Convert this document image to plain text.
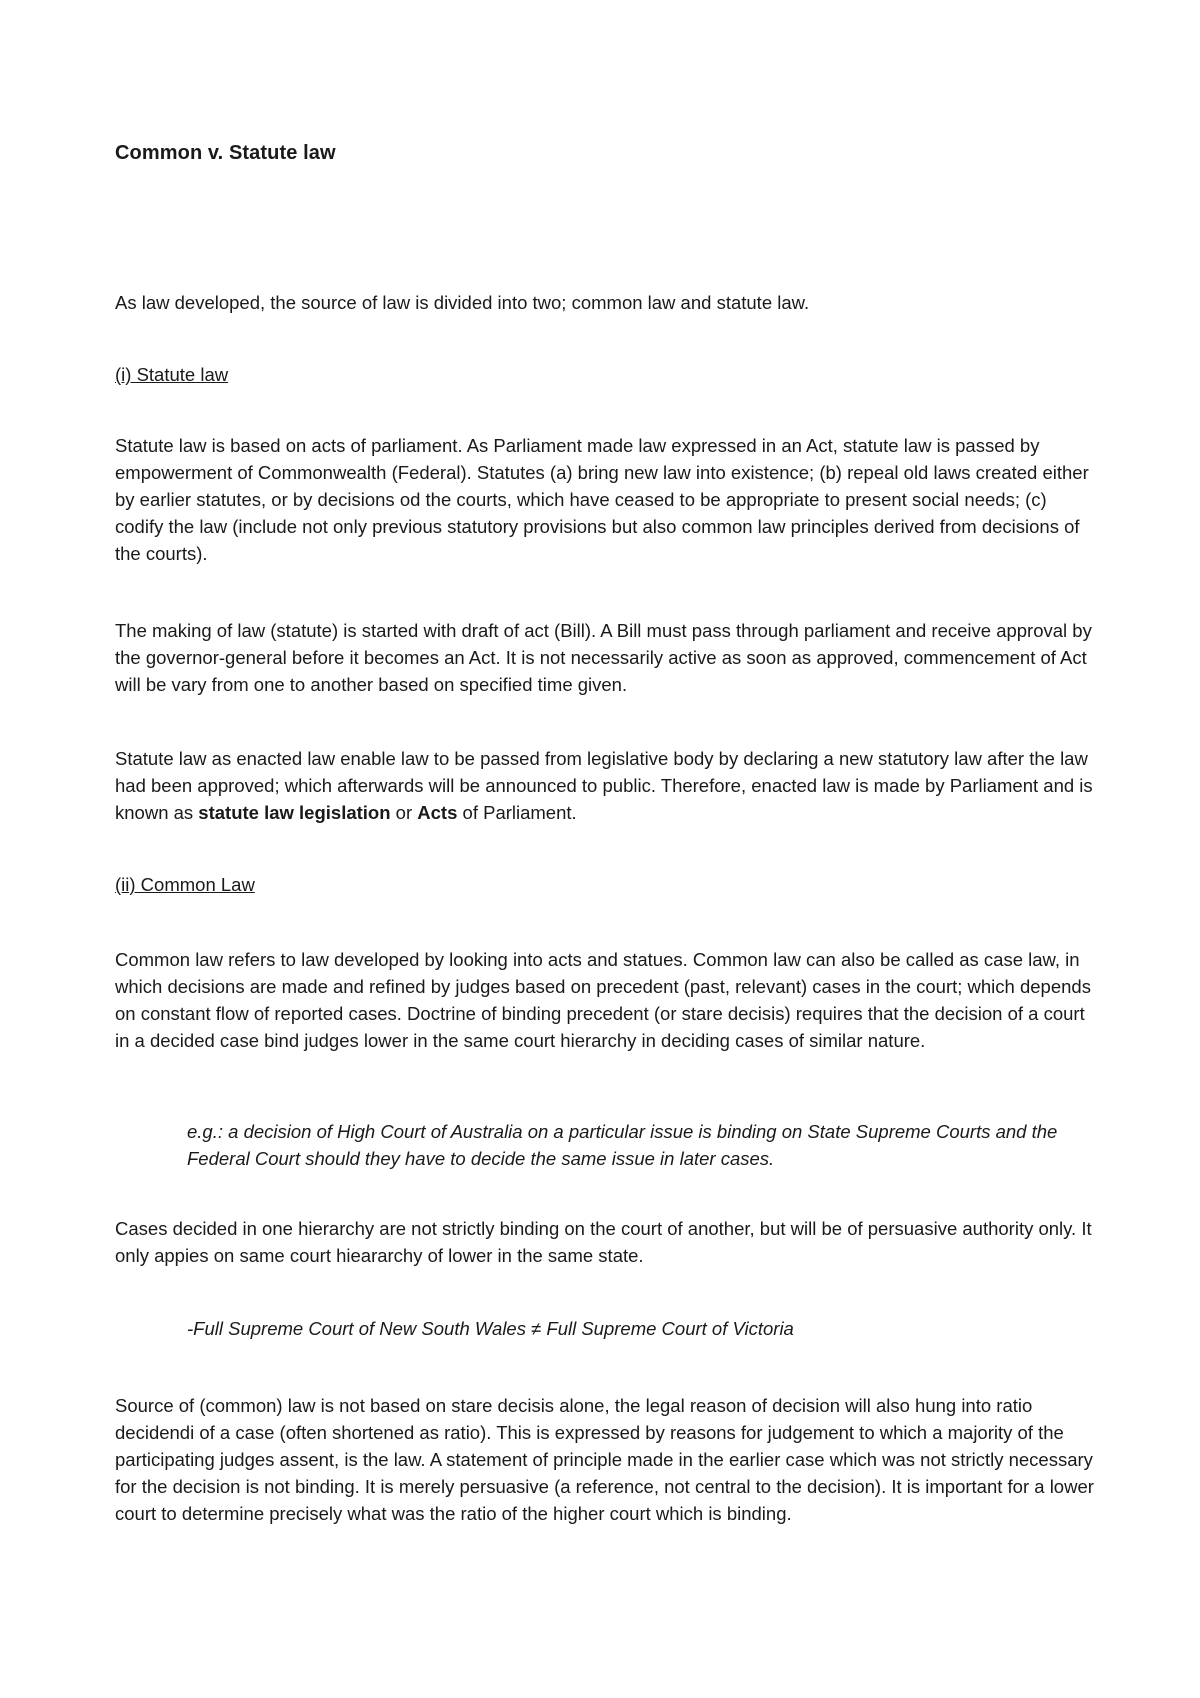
Common v. Statute law

As law developed, the source of law is divided into two; common law and statute law.

(i) Statute law

Statute law is based on acts of parliament. As Parliament made law expressed in an Act, statute law is passed by empowerment of Commonwealth (Federal). Statutes (a) bring new law into existence; (b) repeal old laws created either by earlier statutes, or by decisions od the courts, which have ceased to be appropriate to present social needs; (c) codify the law (include not only previous statutory provisions but also common law principles derived from decisions of the courts).

The making of law (statute) is started with draft of act (Bill). A Bill must pass through parliament and receive approval by the governor-general before it becomes an Act. It is not necessarily active as soon as approved, commencement of Act will be vary from one to another based on specified time given.

Statute law as enacted law enable law to be passed from legislative body by declaring a new statutory law after the law had been approved; which afterwards will be announced to public. Therefore, enacted law is made by Parliament and is known as statute law legislation or Acts of Parliament.

(ii) Common Law

Common law refers to law developed by looking into acts and statues. Common law can also be called as case law, in which decisions are made and refined by judges based on precedent (past, relevant) cases in the court; which depends on constant flow of reported cases. Doctrine of binding precedent (or stare decisis) requires that the decision of a court in a decided case bind judges lower in the same court hierarchy in deciding cases of similar nature.

e.g.: a decision of High Court of Australia on a particular issue is binding on State Supreme Courts and the Federal Court should they have to decide the same issue in later cases.

Cases decided in one hierarchy are not strictly binding on the court of another, but will be of persuasive authority only. It only appies on same court hieararchy of lower in the same state.

-Full Supreme Court of New South Wales ≠ Full Supreme Court of Victoria

Source of (common) law is not based on stare decisis alone, the legal reason of decision will also hung into ratio decidendi of a case (often shortened as ratio). This is expressed by reasons for judgement to which a majority of the participating judges assent, is the law. A statement of principle made in the earlier case which was not strictly necessary for the decision is not binding. It is merely persuasive (a reference, not central to the decision). It is important for a lower court to determine precisely what was the ratio of the higher court which is binding.
